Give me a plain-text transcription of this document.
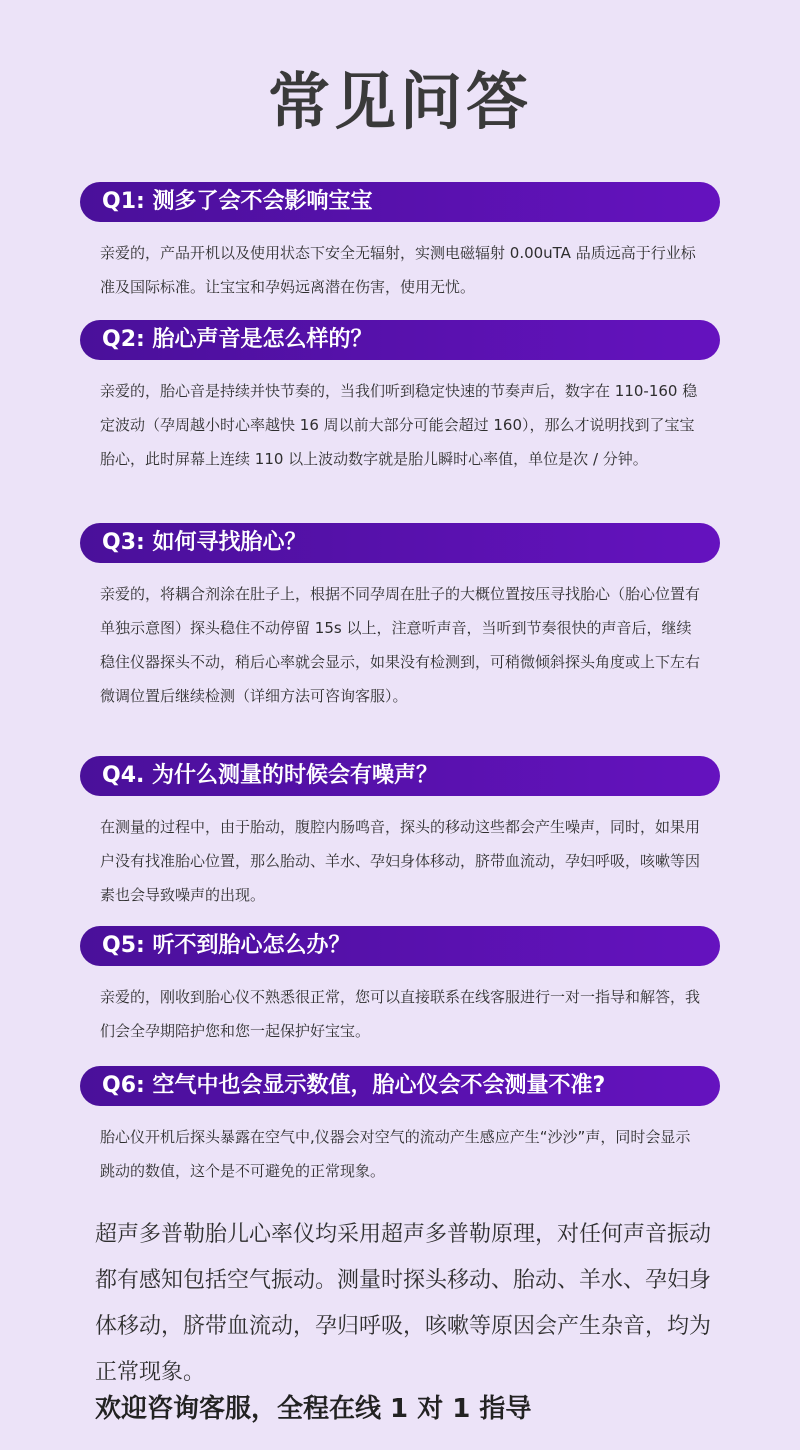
常见问答
Q1: 测多了会不会影响宝宝
亲爱的，产品开机以及使用状态下安全无辐射，实测电磁辐射 0.00uTA 品质远高于行业标准及国际标准。让宝宝和孕妈远离潜在伤害，使用无忧。
Q2: 胎心声音是怎么样的？
亲爱的，胎心音是持续并快节奏的，当我们听到稳定快速的节奏声后，数字在 110-160 稳定波动（孕周越小时心率越快 16 周以前大部分可能会超过 160），那么才说明找到了宝宝胎心，此时屏幕上连续 110 以上波动数字就是胎儿瞬时心率值，单位是次 / 分钟。
Q3: 如何寻找胎心？
亲爱的，将耦合剂涂在肚子上，根据不同孕周在肚子的大概位置按压寻找胎心（胎心位置有单独示意图）探头稳住不动停留 15s 以上，注意听声音，当听到节奏很快的声音后，继续稳住仪器探头不动，稍后心率就会显示，如果没有检测到，可稍微倾斜探头角度或上下左右微调位置后继续检测（详细方法可咨询客服）。
Q4. 为什么测量的时候会有噪声？
在测量的过程中，由于胎动，腹腔内肠鸣音，探头的移动这些都会产生噪声，同时，如果用户没有找准胎心位置，那么胎动、羊水、孕妇身体移动，脐带血流动，孕妇呼吸，咳嗽等因素也会导致噪声的出现。
Q5: 听不到胎心怎么办？
亲爱的，刚收到胎心仪不熟悉很正常，您可以直接联系在线客服进行一对一指导和解答，我们会全孕期陪护您和您一起保护好宝宝。
Q6: 空气中也会显示数值，胎心仪会不会测量不准?
胎心仪开机后探头暴露在空气中,仪器会对空气的流动产生感应产生“沙沙”声，同时会显示跳动的数值，这个是不可避免的正常现象。
超声多普勒胎儿心率仪均采用超声多普勒原理，对任何声音振动都有感知包括空气振动。测量时探头移动、胎动、羊水、孕妇身体移动，脐带血流动，孕归呼吸，咳嗽等原因会产生杂音，均为正常现象。
欢迎咨询客服，全程在线 1 对 1 指导
